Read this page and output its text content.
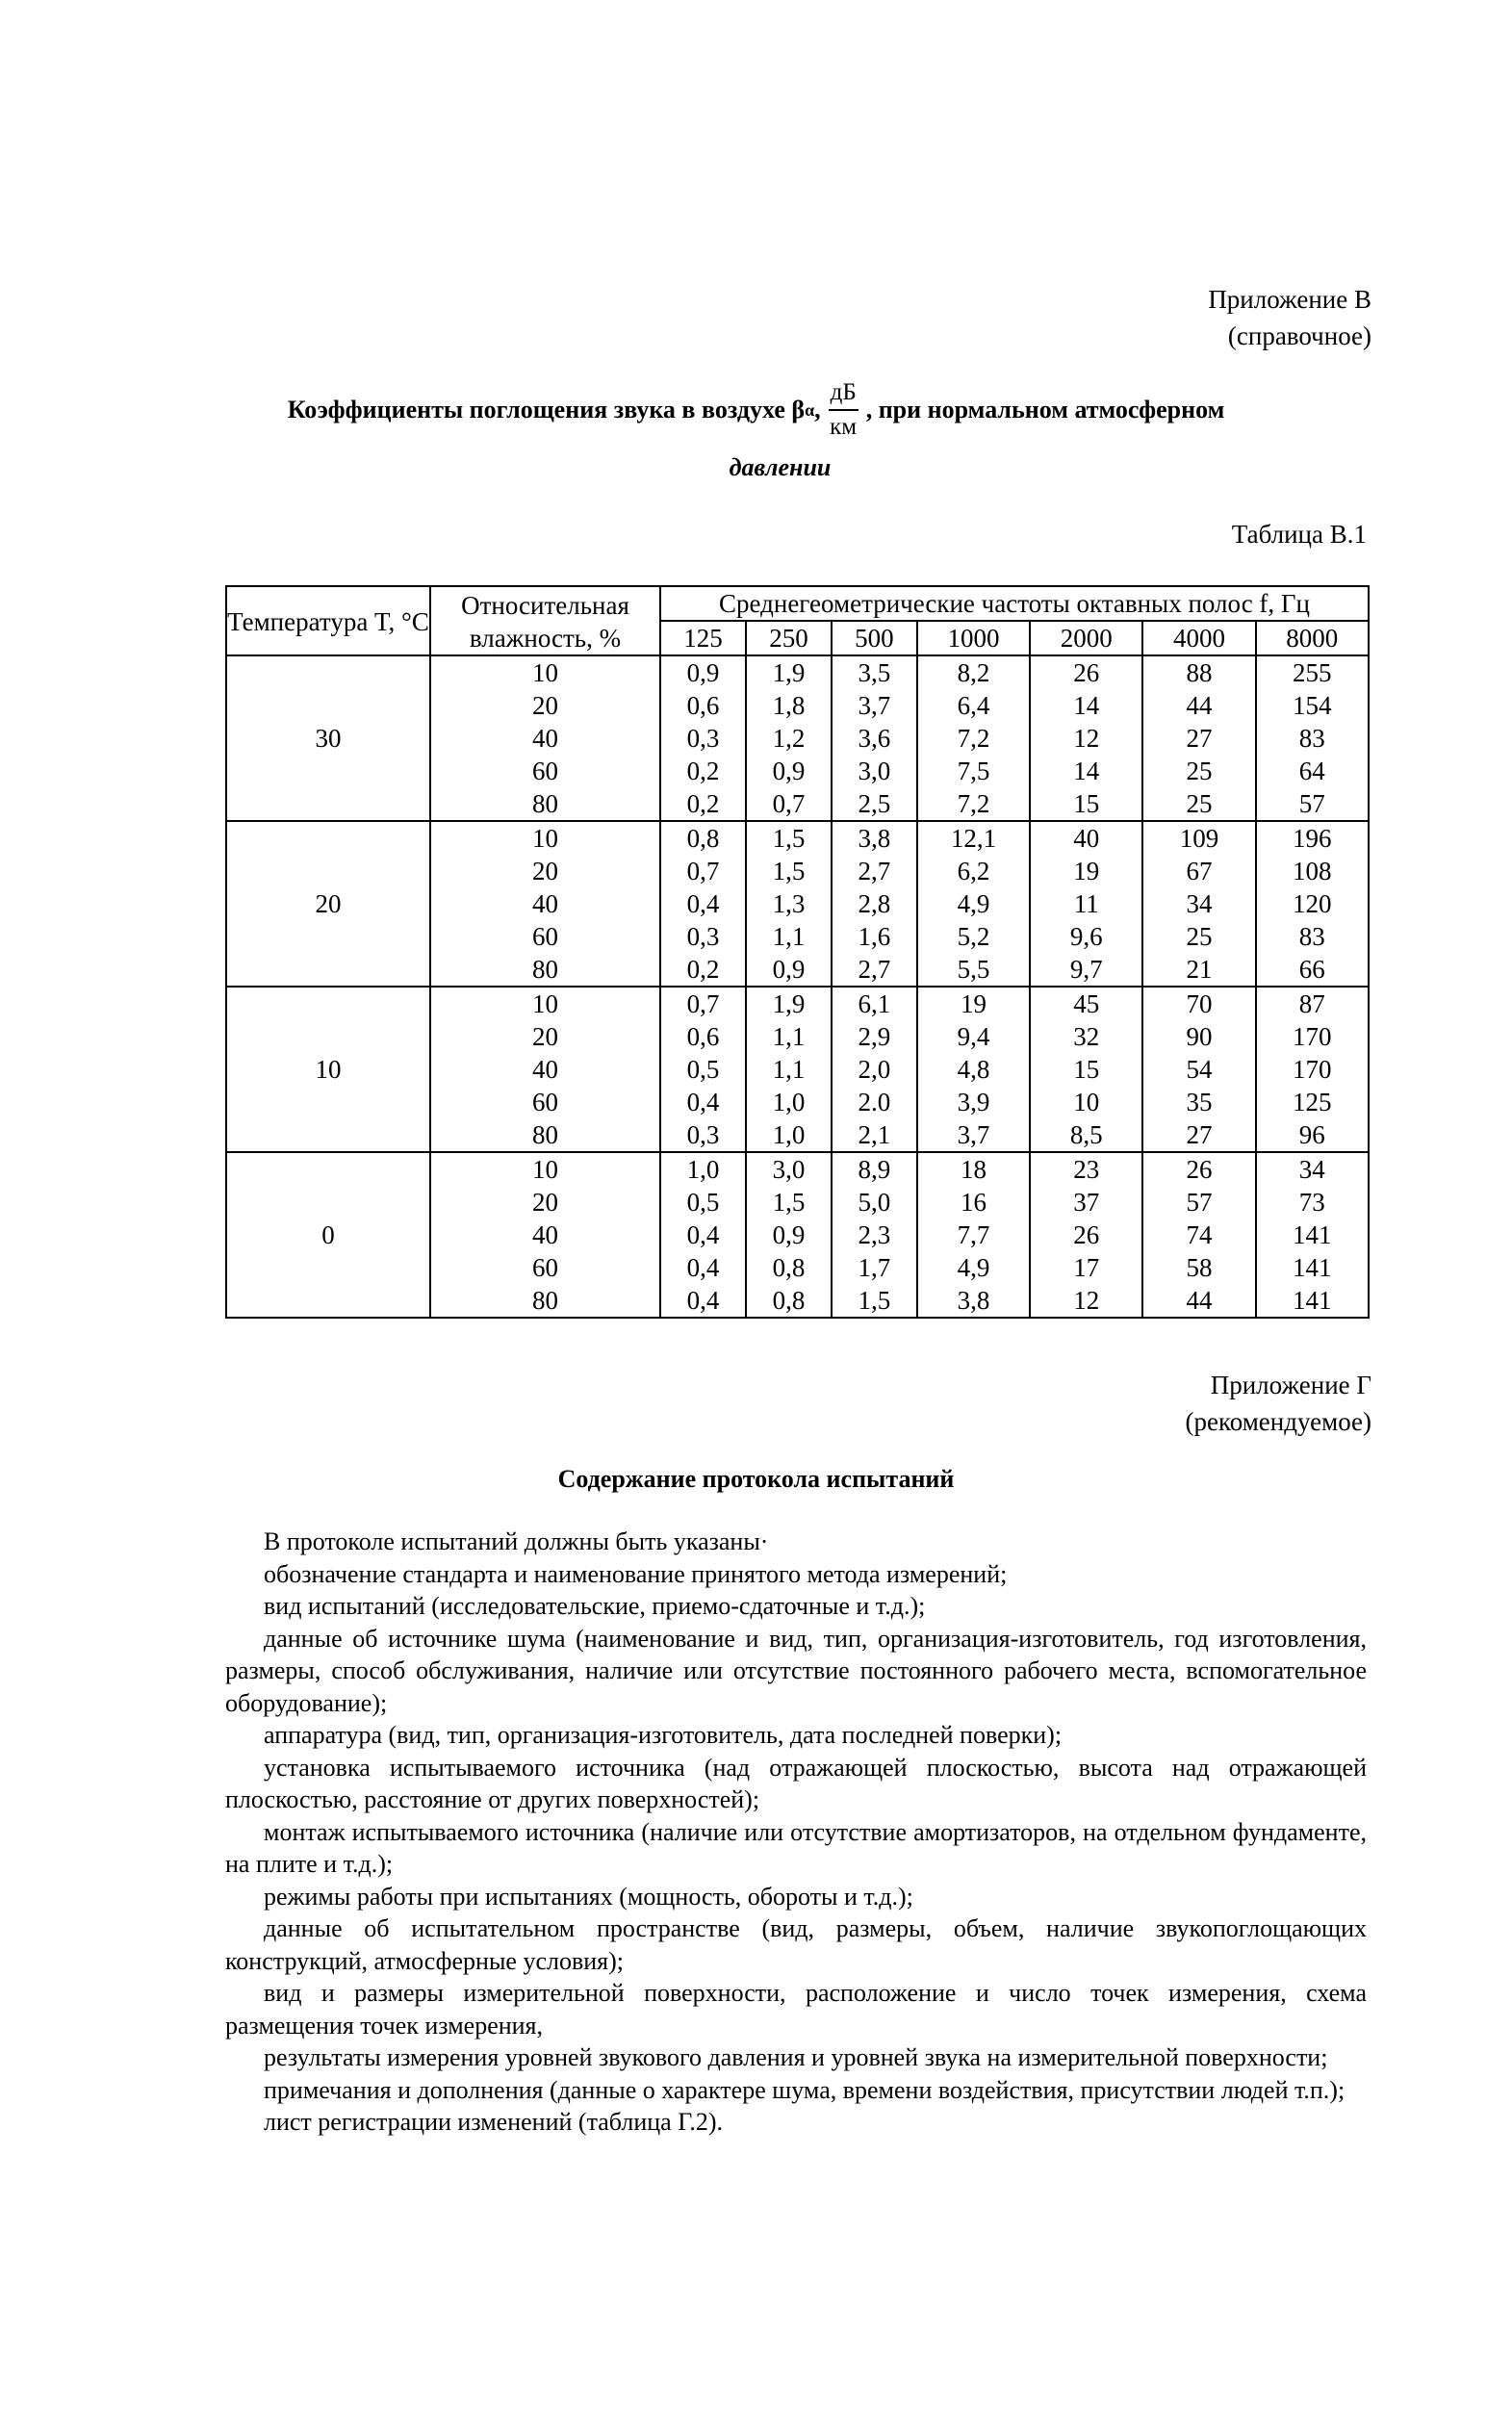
Приложение В
(справочное)
Коэффициенты поглощения звука в воздухе β α , $\frac{дБ}{км}$ , при нормальном атмосферном
давлении
Таблица В.1
Температура T, °C	Относительная влажность, %	Среднегеометрические частоты октавных полос f, Гц						
		125	250	500	1000	2000	4000	8000
30	10	0,9	1,9	3,5	8,2	26	88	255
	20	0,6	1,8	3,7	6,4	14	44	154
	40	0,3	1,2	3,6	7,2	12	27	83
	60	0,2	0,9	3,0	7,5	14	25	64
	80	0,2	0,7	2,5	7,2	15	25	57
20	10	0,8	1,5	3,8	12,1	40	109	196
	20	0,7	1,5	2,7	6,2	19	67	108
	40	0,4	1,3	2,8	4,9	11	34	120
	60	0,3	1,1	1,6	5,2	9,6	25	83
	80	0,2	0,9	2,7	5,5	9,7	21	66
10	10	0,7	1,9	6,1	19	45	70	87
	20	0,6	1,1	2,9	9,4	32	90	170
	40	0,5	1,1	2,0	4,8	15	54	170
	60	0,4	1,0	2.0	3,9	10	35	125
	80	0,3	1,0	2,1	3,7	8,5	27	96
0	10	1,0	3,0	8,9	18	23	26	34
	20	0,5	1,5	5,0	16	37	57	73
	40	0,4	0,9	2,3	7,7	26	74	141
	60	0,4	0,8	1,7	4,9	17	58	141
	80	0,4	0,8	1,5	3,8	12	44	141
Приложение Г
(рекомендуемое)
Содержание протокола испытаний

В протоколе испытаний должны быть указаны·

обозначение стандарта и наименование принятого метода измерений;

вид испытаний (исследовательские, приемо-сдаточные и т.д.);

данные об источнике шума (наименование и вид, тип, организация-изготовитель, год изготовления, размеры, способ обслуживания, наличие или отсутствие постоянного рабочего места, вспомогательное оборудование);

аппаратура (вид, тип, организация-изготовитель, дата последней поверки);

установка испытываемого источника (над отражающей плоскостью, высота над отражающей плоскостью, расстояние от других поверхностей);

монтаж испытываемого источника (наличие или отсутствие амортизаторов, на отдельном фундаменте, на плите и т.д.);

режимы работы при испытаниях (мощность, обороты и т.д.);

данные об испытательном пространстве (вид, размеры, объем, наличие звукопоглощающих конструкций, атмосферные условия);

вид и размеры измерительной поверхности, расположение и число точек измерения, схема размещения точек измерения,

результаты измерения уровней звукового давления и уровней звука на измерительной поверхности;

примечания и дополнения (данные о характере шума, времени воздействия, присутствии людей т.п.);

лист регистрации изменений (таблица Г.2).
